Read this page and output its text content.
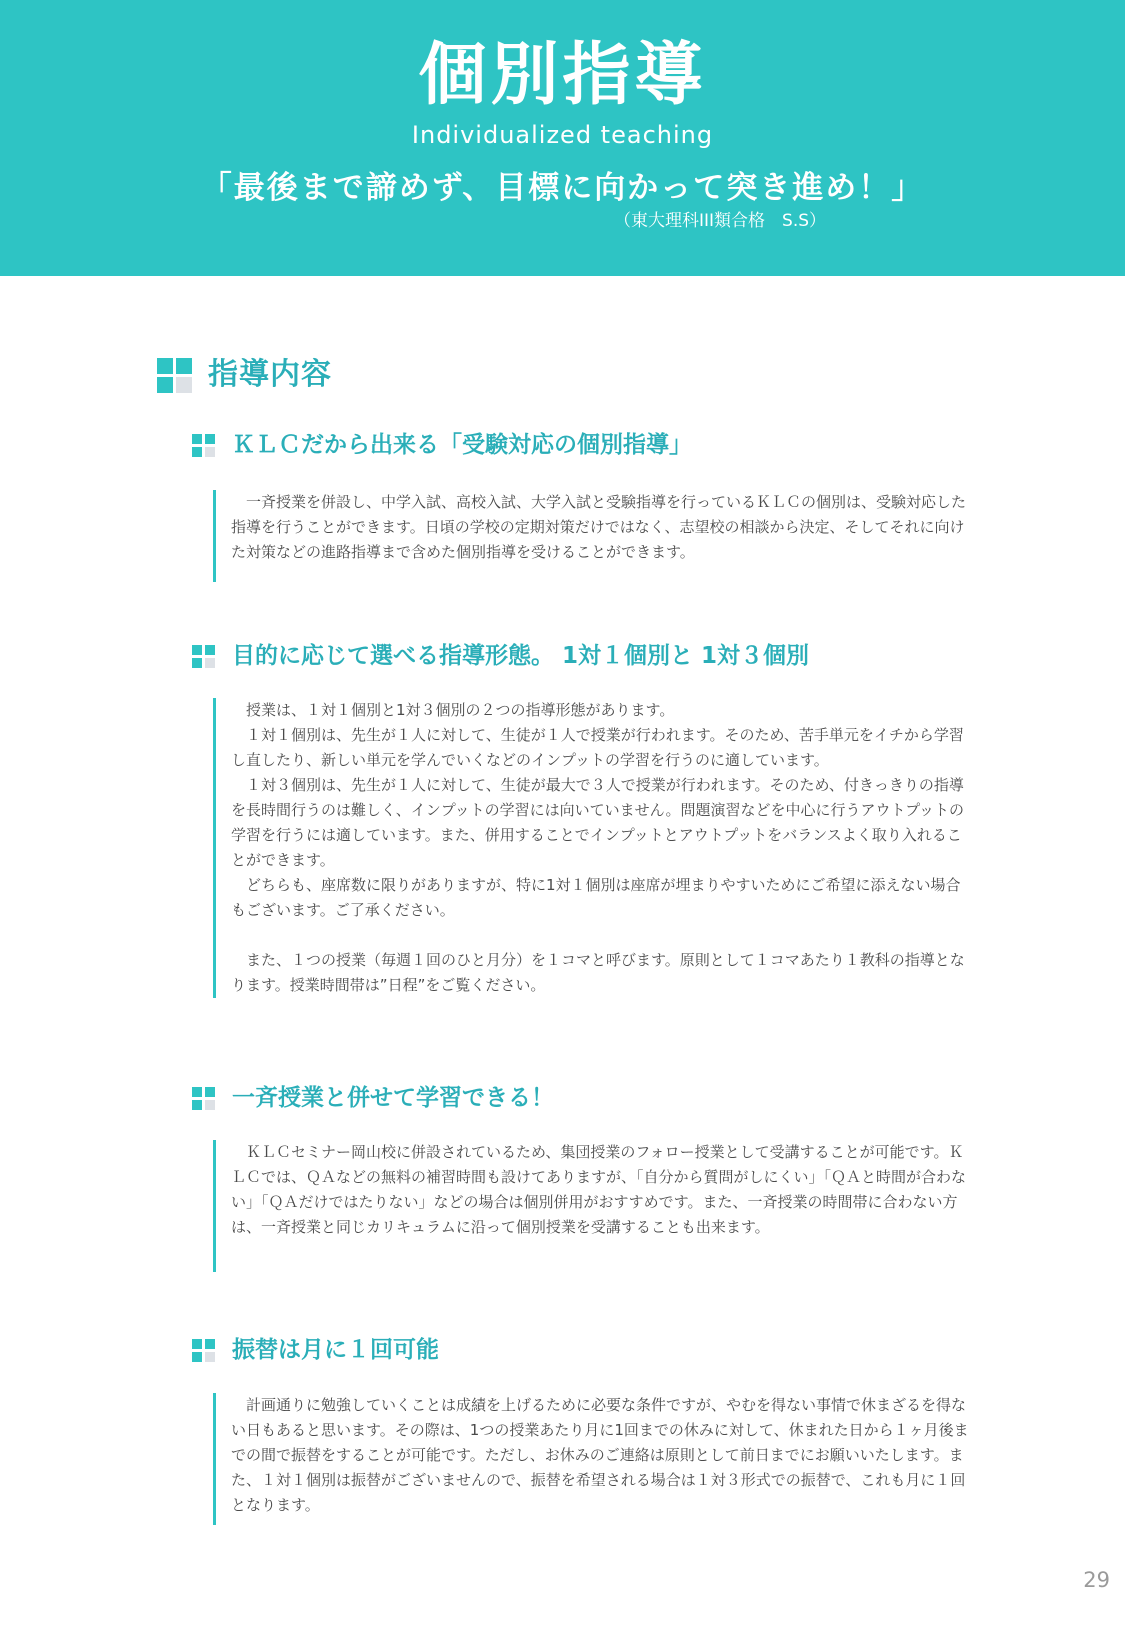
個別指導
Individualized teaching
「最後まで諦めず、目標に向かって突き進め！」
（東大理科III類合格　S.S）
指導内容
ＫＬＣだから出来る「受験対応の個別指導」

一斉授業を併設し、中学入試、高校入試、大学入試と受験指導を行っているＫＬＣの個別は、受験対応した指導を行うことができます。日頃の学校の定期対策だけではなく、志望校の相談から決定、そしてそれに向けた対策などの進路指導まで含めた個別指導を受けることができます。

目的に応じて選べる指導形態。 1対１個別と 1対３個別

授業は、１対１個別と1対３個別の２つの指導形態があります。

１対１個別は、先生が１人に対して、生徒が１人で授業が行われます。そのため、苦手単元をイチから学習し直したり、新しい単元を学んでいくなどのインプットの学習を行うのに適しています。

１対３個別は、先生が１人に対して、生徒が最大で３人で授業が行われます。そのため、付きっきりの指導を長時間行うのは難しく、インプットの学習には向いていません。問題演習などを中心に行うアウトプットの学習を行うには適しています。また、併用することでインプットとアウトプットをバランスよく取り入れることができます。

どちらも、座席数に限りがありますが、特に1対１個別は座席が埋まりやすいためにご希望に添えない場合もございます。ご了承ください。

また、１つの授業（毎週１回のひと月分）を１コマと呼びます。原則として１コマあたり１教科の指導となります。授業時間帯は”日程”をご覧ください。

一斉授業と併せて学習できる！

ＫＬＣセミナー岡山校に併設されているため、集団授業のフォロー授業として受講することが可能です。ＫＬＣでは、ＱＡなどの無料の補習時間も設けてありますが、「自分から質問がしにくい」「ＱＡと時間が合わない」「ＱＡだけではたりない」などの場合は個別併用がおすすめです。また、一斉授業の時間帯に合わない方は、一斉授業と同じカリキュラムに沿って個別授業を受講することも出来ます。

振替は月に１回可能

計画通りに勉強していくことは成績を上げるために必要な条件ですが、やむを得ない事情で休まざるを得ない日もあると思います。その際は、1つの授業あたり月に1回までの休みに対して、休まれた日から１ヶ月後までの間で振替をすることが可能です。ただし、お休みのご連絡は原則として前日までにお願いいたします。また、１対１個別は振替がございませんので、振替を希望される場合は１対３形式での振替で、これも月に１回となります。

29
